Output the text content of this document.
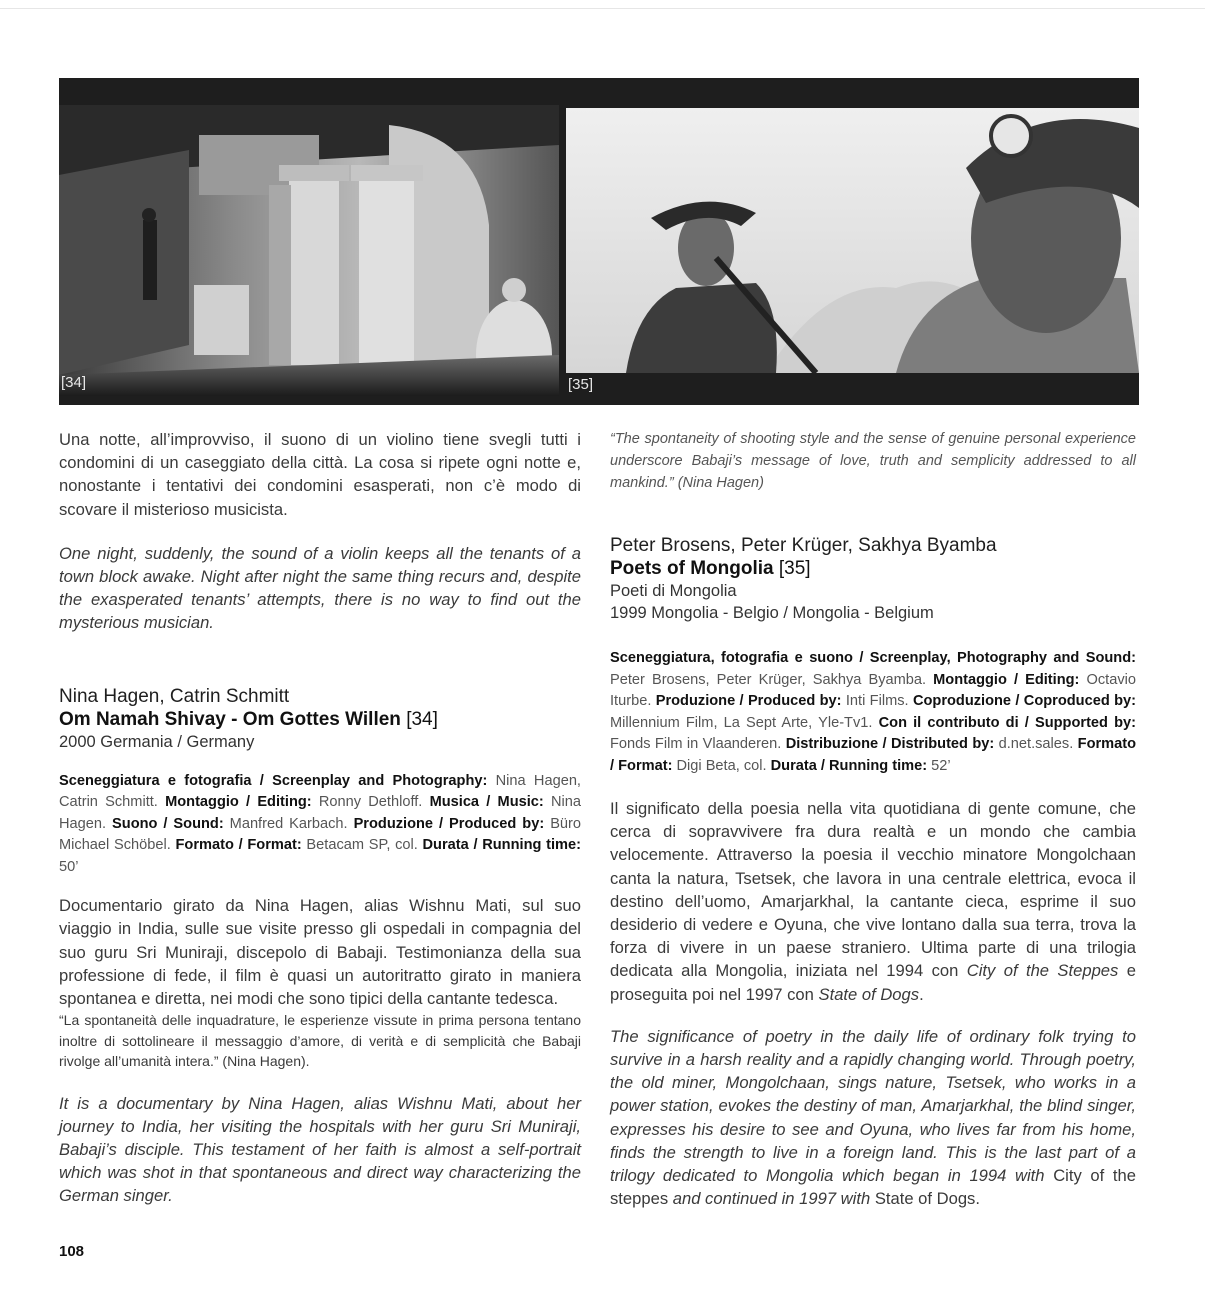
[34]	[35]

Una notte, all’improvviso, il suono di un violino tiene svegli tutti i condomini di un caseggiato della città. La cosa si ripete ogni notte e, nonostante i tentativi dei condomini esasperati, non c’è modo di scovare il misterioso musicista.

One night, suddenly, the sound of a violin keeps all the tenants of a town block awake. Night after night the same thing recurs and, despite the exasperated tenants’ attempts, there is no way to find out the mysterious musician.

Nina Hagen, Catrin Schmitt

Om Namah Shivay - Om Gottes Willen [34]

2000 Germania / Germany

Sceneggiatura e fotografia / Screenplay and Photography: Nina Hagen, Catrin Schmitt. Montaggio / Editing: Ronny Dethloff. Musica / Music: Nina Hagen. Suono / Sound: Manfred Karbach. Produzione / Produced by: Büro Michael Schöbel. Formato / Format: Betacam SP, col. Durata / Running time: 50’

Documentario girato da Nina Hagen, alias Wishnu Mati, sul suo viaggio in India, sulle sue visite presso gli ospedali in compagnia del suo guru Sri Muniraji, discepolo di Babaji. Testimonianza della sua professione di fede, il film è quasi un autoritratto girato in maniera spontanea e diretta, nei modi che sono tipici della cantante tedesca.

“La spontaneità delle inquadrature, le esperienze vissute in prima persona tentano inoltre di sottolineare il messaggio d’amore, di verità e di semplicità che Babaji rivolge all’umanità intera.” (Nina Hagen).

It is a documentary by Nina Hagen, alias Wishnu Mati, about her journey to India, her visiting the hospitals with her guru Sri Muniraji, Babaji’s disciple. This testament of her faith is almost a self-portrait which was shot in that spontaneous and direct way characterizing the German singer.

“The spontaneity of shooting style and the sense of genuine personal experience underscore Babaji’s message of love, truth and semplicity addressed to all mankind.” (Nina Hagen)

Peter Brosens, Peter Krüger, Sakhya Byamba

Poets of Mongolia [35]

Poeti di Mongolia

1999 Mongolia - Belgio / Mongolia - Belgium

Sceneggiatura, fotografia e suono / Screenplay, Photography and Sound: Peter Brosens, Peter Krüger, Sakhya Byamba. Montaggio / Editing: Octavio Iturbe. Produzione / Produced by: Inti Films. Coproduzione / Coproduced by: Millennium Film, La Sept Arte, Yle-Tv1. Con il contributo di / Supported by: Fonds Film in Vlaanderen. Distribuzione / Distributed by: d.net.sales. Formato / Format: Digi Beta, col. Durata / Running time: 52’

Il significato della poesia nella vita quotidiana di gente comune, che cerca di sopravvivere fra dura realtà e un mondo che cambia velocemente. Attraverso la poesia il vecchio minatore Mongolchaan canta la natura, Tsetsek, che lavora in una centrale elettrica, evoca il destino dell’uomo, Amarjarkhal, la cantante cieca, esprime il suo desiderio di vedere e Oyuna, che vive lontano dalla sua terra, trova la forza di vivere in un paese straniero. Ultima parte di una trilogia dedicata alla Mongolia, iniziata nel 1994 con City of the Steppes e proseguita poi nel 1997 con State of Dogs.

The significance of poetry in the daily life of ordinary folk trying to survive in a harsh reality and a rapidly changing world. Through poetry, the old miner, Mongolchaan, sings nature, Tsetsek, who works in a power station, evokes the destiny of man, Amarjarkhal, the blind singer, expresses his desire to see and Oyuna, who lives far from his home, finds the strength to live in a foreign land. This is the last part of a trilogy dedicated to Mongolia which began in 1994 with City of the steppes and continued in 1997 with State of Dogs.

108
